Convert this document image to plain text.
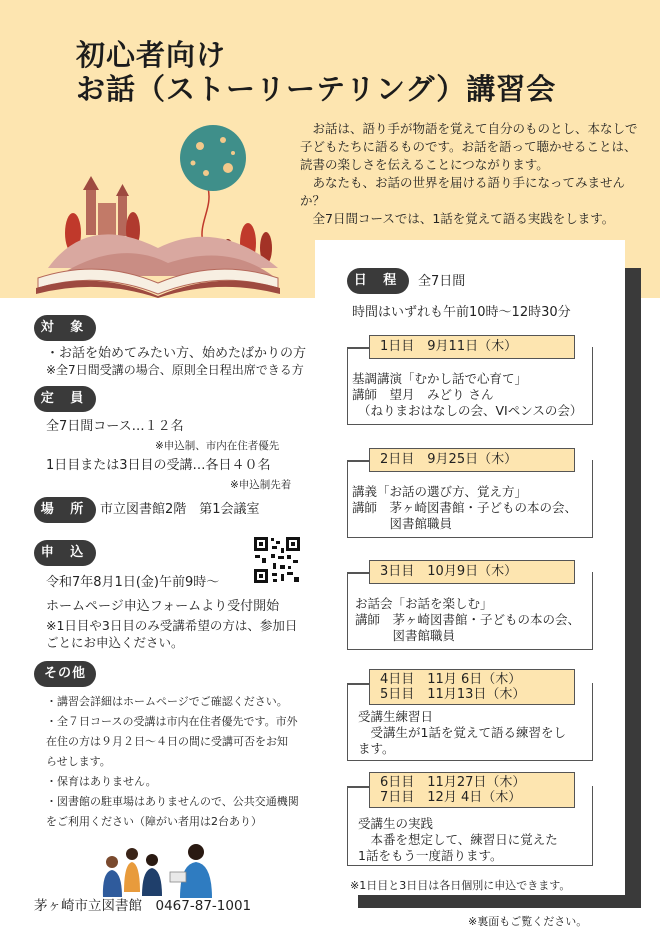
初心者向け
お話（ストーリーテリング）講習会

お話は、語り手が物語を覚えて自分のものとし、本なしで子どもたちに語るものです。お話を語って聴かせることは、読書の楽しさを伝えることにつながります。

あなたも、お話の世界を届ける語り手になってみませんか？

全7日間コースでは、1話を覚えて語る実践をします。

対 象
・お話を始めてみたい方、始めたばかりの方
※全7日間受講の場合、原則全日程出席できる方
定 員
全7日間コース…１２名
※申込制、市内在住者優先
1日目または3日目の受講…各日４０名
※申込制先着
場 所 市立図書館2階　第1会議室
申 込
令和7年8月1日(金)午前9時～
ホームページ申込フォームより受付開始
※1日目や3日目のみ受講希望の方は、参加日
ごとにお申込ください。
その他
・講習会詳細はホームページでご確認ください。
・全７日コースの受講は市内在住者優先です。市外
在住の方は９月２日～４日の間に受講可否をお知
らせします。
・保育はありません。
・図書館の駐車場はありませんので、公共交通機関
をご利用ください（障がい者用は2台あり）
茅ヶ崎市立図書館　0467-87-1001
日 程	全7日間
時間はいずれも午前10時～12時30分
1日目　9月11日（木）
基調講演「むかし話で心育て」
講師　望月　みどり さん
（ねりまおはなしの会、VIペンスの会）
2日目　9月25日（木）
講義「お話の選び方、覚え方」
講師　茅ヶ崎図書館・子どもの本の会、
　　　図書館職員
3日目　10月9日（木）
お話会「お話を楽しむ」
講師　茅ヶ崎図書館・子どもの本の会、
　　　図書館職員
4日目　11月 6日（木）
5日目　11月13日（木）
受講生練習日
　受講生が1話を覚えて語る練習をし
ます。
6日目　11月27日（木）
7日目　12月 4日（木）
受講生の実践
　本番を想定して、練習日に覚えた
1話をもう一度語ります。
※1日目と3日目は各日個別に申込できます。
※裏面もご覧ください。
